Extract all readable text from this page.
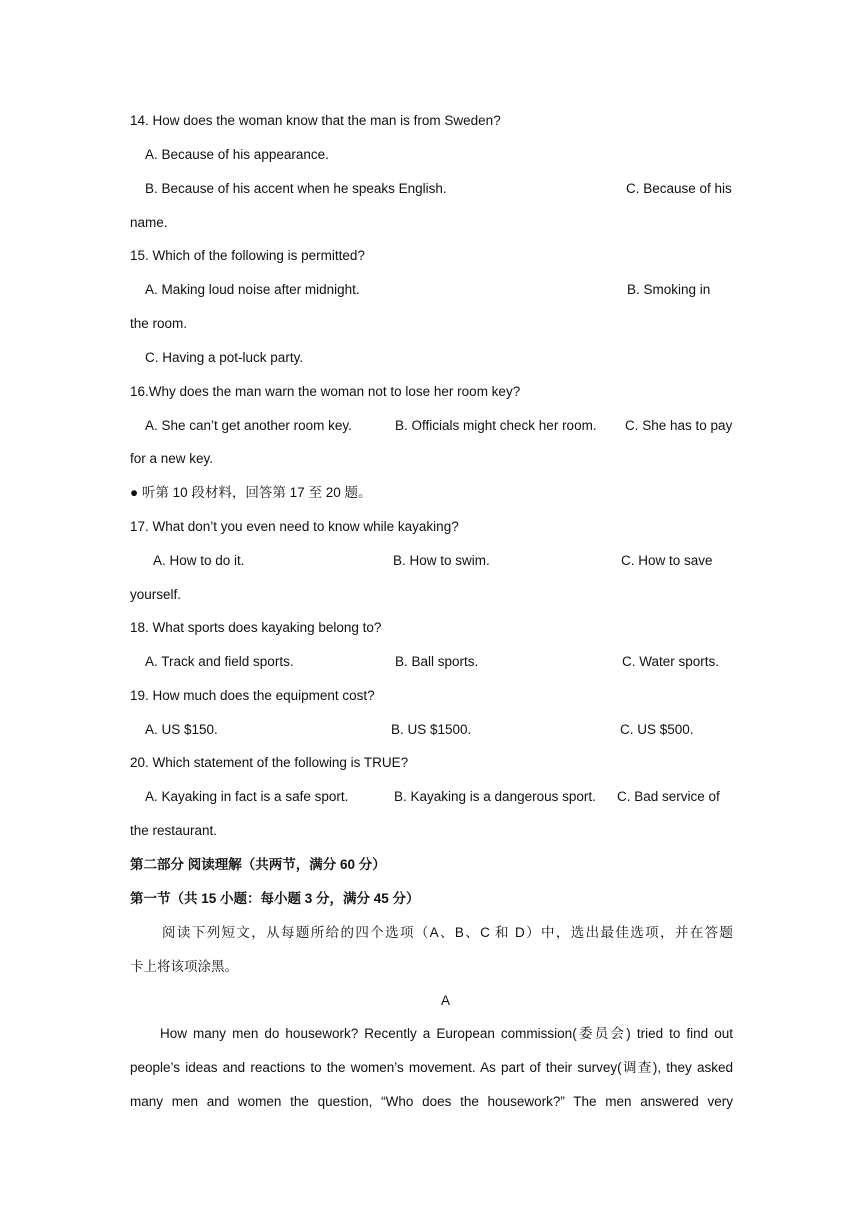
14. How does the woman know that the man is from Sweden?
A. Because of his appearance.
B. Because of his accent when he speaks English.	C. Because of his
name.
15. Which of the following is permitted?
A. Making loud noise after midnight.	B. Smoking in
the room.
C. Having a pot-luck party.
16.Why does the man warn the woman not to lose her room key?
A. She can’t get another room key.	B. Officials might check her room. C. She has to pay
for a new key.
● 听第 10 段材料，回答第 17 至 20 题。
17. What don’t you even need to know while kayaking?
A. How to do it.	B. How to swim.	C. How to save
yourself.
18. What sports does kayaking belong to?
A. Track and field sports.	B. Ball sports.	C. Water sports.
19. How much does the equipment cost?
A. US $150.	B. US $1500.	C. US $500.
20. Which statement of the following is TRUE?
A. Kayaking in fact is a safe sport.	B. Kayaking is a dangerous sport. C. Bad service of
the restaurant.
第二部分 阅读理解（共两节，满分 60 分）
第一节（共 15 小题：每小题 3 分，满分 45 分）
阅读下列短文，从每题所给的四个选项（A、B、C 和 D）中，选出最佳选项，并在答题
卡上将该项涂黑。
A
How many men do housework? Recently a European commission(委员会) tried to find out
people’s ideas and reactions to the women’s movement. As part of their survey(调查), they asked
many men and women the question, “Who does the housework?” The men answered very
